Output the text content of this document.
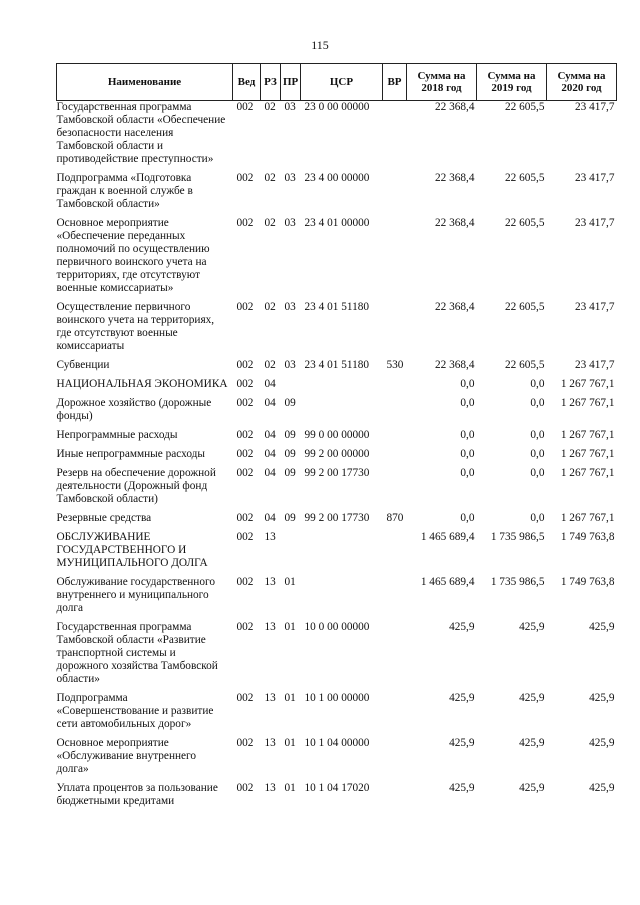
115
Наименование	Вед	РЗ	ПР	ЦСР	ВР	Сумма на 2018 год	Сумма на 2019 год	Сумма на 2020 год
Государственная программа Тамбовской области «Обеспечение безопасности населения Тамбовской области и противодействие преступности»	002	02	03	23 0 00 00000		22 368,4	22 605,5	23 417,7
Подпрограмма «Подготовка граждан к военной службе в Тамбовской области»	002	02	03	23 4 00 00000		22 368,4	22 605,5	23 417,7
Основное мероприятие «Обеспечение переданных полномочий по осуществлению первичного воинского учета на территориях, где отсутствуют военные комиссариаты»	002	02	03	23 4 01 00000		22 368,4	22 605,5	23 417,7
Осуществление первичного воинского учета на территориях, где отсутствуют военные комиссариаты	002	02	03	23 4 01 51180		22 368,4	22 605,5	23 417,7
Субвенции	002	02	03	23 4 01 51180	530	22 368,4	22 605,5	23 417,7
НАЦИОНАЛЬНАЯ ЭКОНОМИКА	002	04				0,0	0,0	1 267 767,1
Дорожное хозяйство (дорожные фонды)	002	04	09			0,0	0,0	1 267 767,1
Непрограммные расходы	002	04	09	99 0 00 00000		0,0	0,0	1 267 767,1
Иные непрограммные расходы	002	04	09	99 2 00 00000		0,0	0,0	1 267 767,1
Резерв на обеспечение дорожной деятельности (Дорожный фонд Тамбовской области)	002	04	09	99 2 00 17730		0,0	0,0	1 267 767,1
Резервные средства	002	04	09	99 2 00 17730	870	0,0	0,0	1 267 767,1
ОБСЛУЖИВАНИЕ ГОСУДАРСТВЕННОГО И МУНИЦИПАЛЬНОГО ДОЛГА	002	13				1 465 689,4	1 735 986,5	1 749 763,8
Обслуживание государственного внутреннего и муниципального долга	002	13	01			1 465 689,4	1 735 986,5	1 749 763,8
Государственная программа Тамбовской области «Развитие транспортной системы и дорожного хозяйства Тамбовской области»	002	13	01	10 0 00 00000		425,9	425,9	425,9
Подпрограмма «Совершенствование и развитие сети автомобильных дорог»	002	13	01	10 1 00 00000		425,9	425,9	425,9
Основное мероприятие «Обслуживание внутреннего долга»	002	13	01	10 1 04 00000		425,9	425,9	425,9
Уплата процентов за пользование бюджетными кредитами	002	13	01	10 1 04 17020		425,9	425,9	425,9
